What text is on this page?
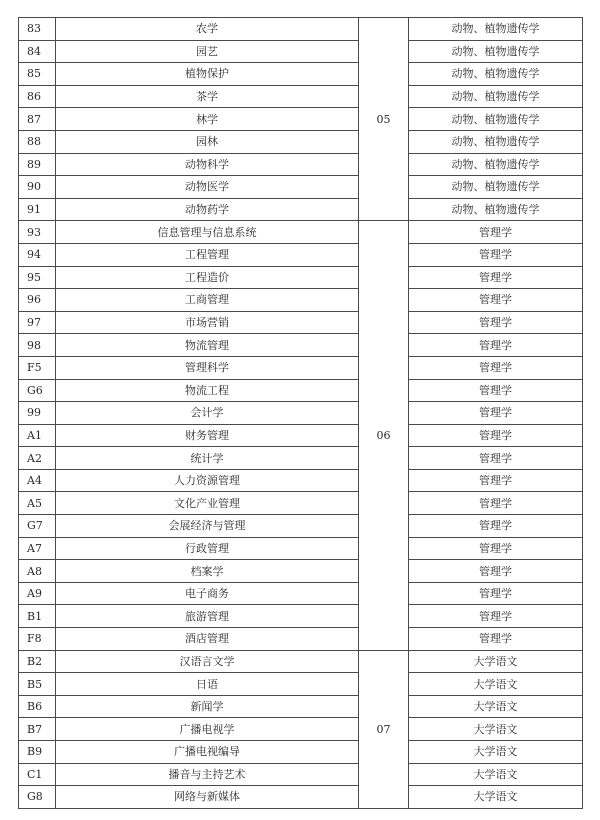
83	农学	05	动物、植物遗传学
84	园艺		动物、植物遗传学
85	植物保护		动物、植物遗传学
86	茶学		动物、植物遗传学
87	林学		动物、植物遗传学
88	园林		动物、植物遗传学
89	动物科学		动物、植物遗传学
90	动物医学		动物、植物遗传学
91	动物药学		动物、植物遗传学
93	信息管理与信息系统	06	管理学
94	工程管理		管理学
95	工程造价		管理学
96	工商管理		管理学
97	市场营销		管理学
98	物流管理		管理学
F5	管理科学		管理学
G6	物流工程		管理学
99	会计学		管理学
A1	财务管理		管理学
A2	统计学		管理学
A4	人力资源管理		管理学
A5	文化产业管理		管理学
G7	会展经济与管理		管理学
A7	行政管理		管理学
A8	档案学		管理学
A9	电子商务		管理学
B1	旅游管理		管理学
F8	酒店管理		管理学
B2	汉语言文学	07	大学语文
B5	日语		大学语文
B6	新闻学		大学语文
B7	广播电视学		大学语文
B9	广播电视编导		大学语文
C1	播音与主持艺术		大学语文
G8	网络与新媒体		大学语文
